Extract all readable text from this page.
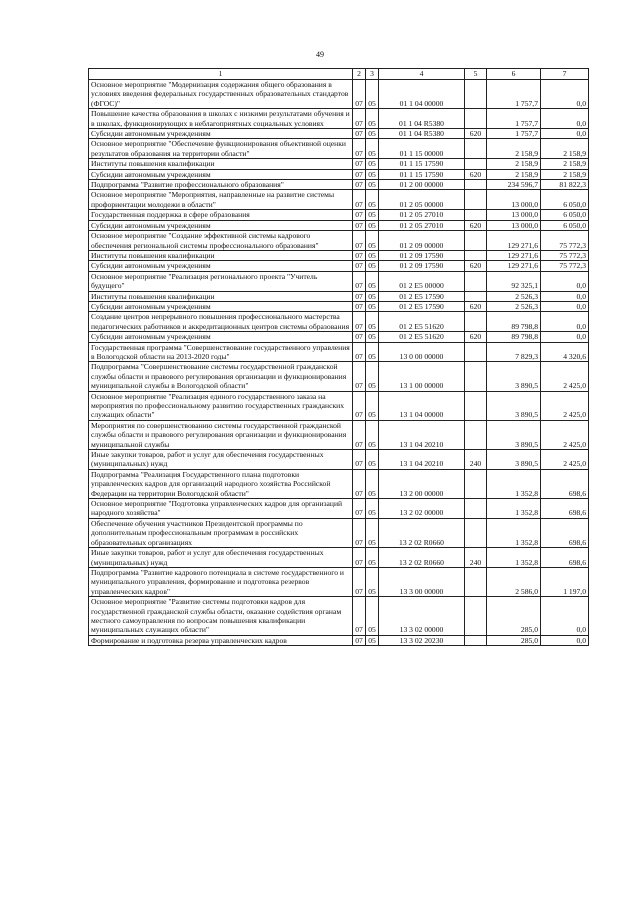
49
1	2	3	4	5	6	7
Основное мероприятие "Модернизация содержания общего образования в условиях введения федеральных государственных образовательных стандартов (ФГОС)"	07	05	01 1 04 00000		1 757,7	0,0
Повышение качества образования в школах с низкими результатами обучения и в школах, функционирующих в неблагоприятных социальных условиях	07	05	01 1 04 R5380		1 757,7	0,0
Субсидии автономным учреждениям	07	05	01 1 04 R5380	620	1 757,7	0,0
Основное мероприятие "Обеспечение функционирования объективной оценки результатов образования на территории области"	07	05	01 1 15 00000		2 158,9	2 158,9
Институты повышения квалификации	07	05	01 1 15 17590		2 158,9	2 158,9
Субсидии автономным учреждениям	07	05	01 1 15 17590	620	2 158,9	2 158,9
Подпрограмма "Развитие профессионального образования"	07	05	01 2 00 00000		234 596,7	81 822,3
Основное мероприятие "Мероприятия, направленные на развитие системы профориентации молодежи в области"	07	05	01 2 05 00000		13 000,0	6 050,0
Государственная поддержка в сфере образования	07	05	01 2 05 27010		13 000,0	6 050,0
Субсидии автономным учреждениям	07	05	01 2 05 27010	620	13 000,0	6 050,0
Основное мероприятие "Создание эффективной системы кадрового обеспечения региональной системы профессионального образования"	07	05	01 2 09 00000		129 271,6	75 772,3
Институты повышения квалификации	07	05	01 2 09 17590		129 271,6	75 772,3
Субсидии автономным учреждениям	07	05	01 2 09 17590	620	129 271,6	75 772,3
Основное мероприятие "Реализация регионального проекта "Учитель будущего"	07	05	01 2 E5 00000		92 325,1	0,0
Институты повышения квалификации	07	05	01 2 E5 17590		2 526,3	0,0
Субсидии автономным учреждениям	07	05	01 2 E5 17590	620	2 526,3	0,0
Создание центров непрерывного повышения профессионального мастерства педагогических работников и аккредитационных центров системы образования	07	05	01 2 E5 51620		89 798,8	0,0
Субсидии автономным учреждениям	07	05	01 2 E5 51620	620	89 798,8	0,0
Государственная программа "Совершенствование государственного управления в Вологодской области на 2013-2020 годы"	07	05	13 0 00 00000		7 829,3	4 320,6
Подпрограмма "Совершенствование системы государственной гражданской службы области и правового регулирования организации и функционирования муниципальной службы в Вологодской области"	07	05	13 1 00 00000		3 890,5	2 425,0
Основное мероприятие "Реализация единого государственного заказа на мероприятия по профессиональному развитию государственных гражданских служащих области"	07	05	13 1 04 00000		3 890,5	2 425,0
Мероприятия по совершенствованию системы государственной гражданской службы области и правового регулирования организации и функционирования муниципальной службы	07	05	13 1 04 20210		3 890,5	2 425,0
Иные закупки товаров, работ и услуг для обеспечения государственных (муниципальных) нужд	07	05	13 1 04 20210	240	3 890,5	2 425,0
Подпрограмма "Реализация Государственного плана подготовки управленческих кадров для организаций народного хозяйства Российской Федерации на территории Вологодской области"	07	05	13 2 00 00000		1 352,8	698,6
Основное мероприятие "Подготовка управленческих кадров для организаций народного хозяйства"	07	05	13 2 02 00000		1 352,8	698,6
Обеспечение обучения участников Президентской программы по дополнительным профессиональным программам в российских образовательных организациях	07	05	13 2 02 R0660		1 352,8	698,6
Иные закупки товаров, работ и услуг для обеспечения государственных (муниципальных) нужд	07	05	13 2 02 R0660	240	1 352,8	698,6
Подпрограмма "Развитие кадрового потенциала в системе государственного и муниципального управления, формирование и подготовка резервов управленческих кадров"	07	05	13 3 00 00000		2 586,0	1 197,0
Основное мероприятие "Развитие системы подготовки кадров для государственной гражданской службы области, оказание содействия органам местного самоуправления по вопросам повышения квалификации муниципальных служащих области"	07	05	13 3 02 00000		285,0	0,0
Формирование и подготовка резерва управленческих кадров	07	05	13 3 02 20230		285,0	0,0
